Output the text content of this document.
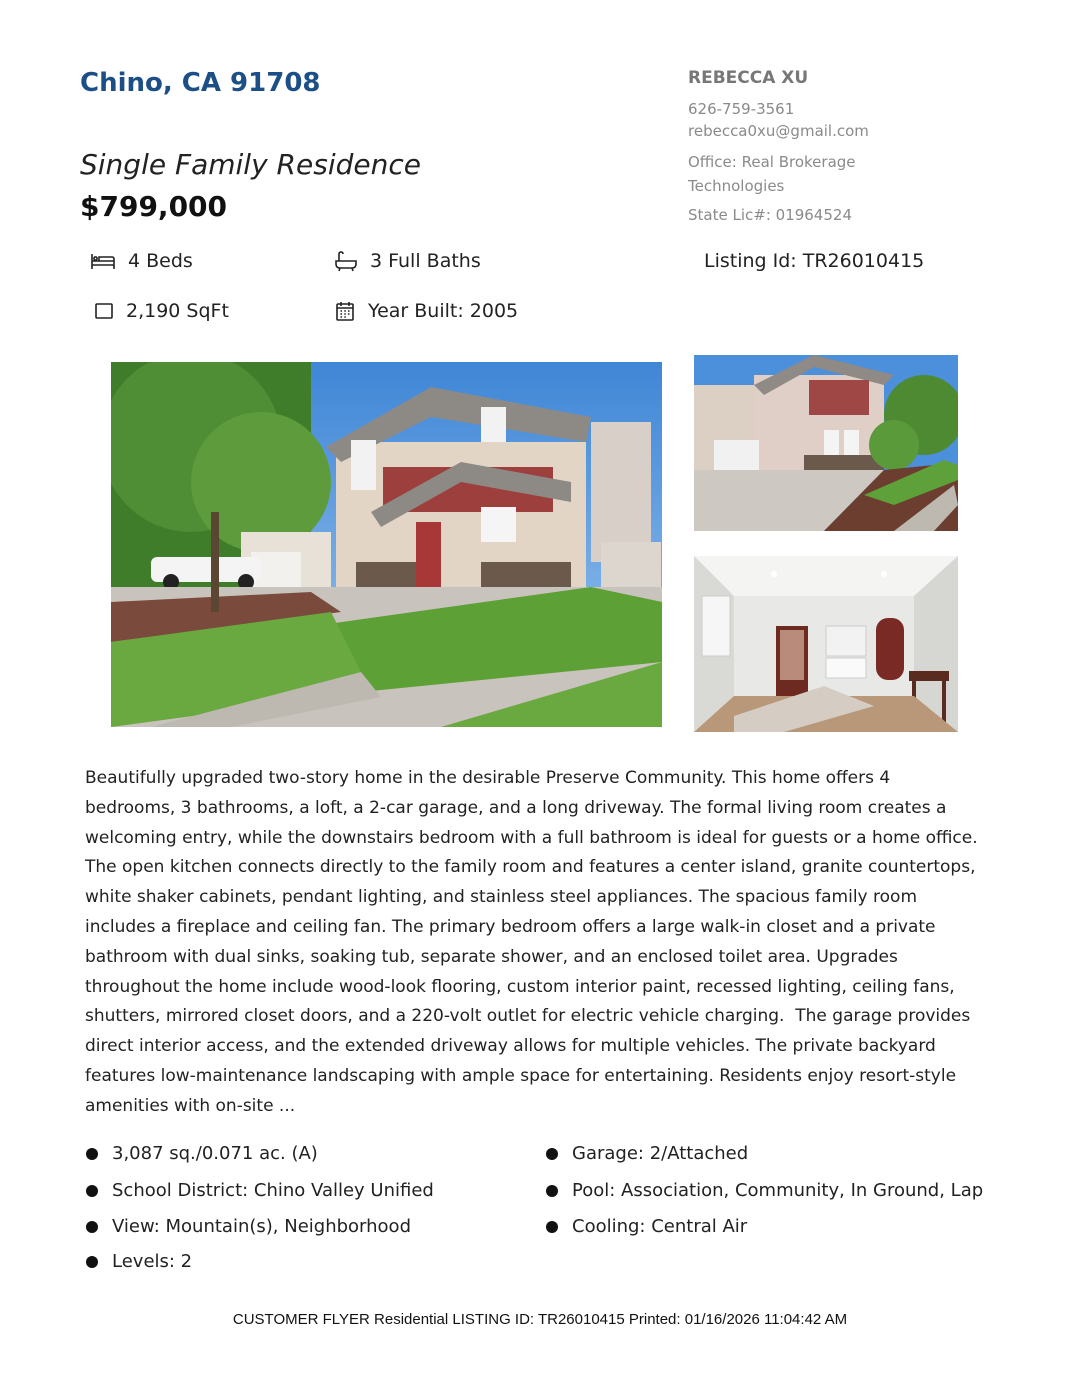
Chino, CA 91708
Single Family Residence
$799,000
REBECCA XU
626-759-3561
rebecca0xu@gmail.com
Office: Real Brokerage Technologies
State Lic#: 01964524
4 Beds	3 Full Baths	Listing Id: TR26010415
2,190 SqFt	Year Built: 2005
Beautifully upgraded two-story home in the desirable Preserve Community. This home offers 4 bedrooms, 3 bathrooms, a loft, a 2-car garage, and a long driveway. The formal living room creates a welcoming entry, while the downstairs bedroom with a full bathroom is ideal for guests or a home office.  The open kitchen connects directly to the family room and features a center island, granite countertops, white shaker cabinets, pendant lighting, and stainless steel appliances. The spacious family room includes a fireplace and ceiling fan. The primary bedroom offers a large walk-in closet and a private bathroom with dual sinks, soaking tub, separate shower, and an enclosed toilet area. Upgrades throughout the home include wood-look flooring, custom interior paint, recessed lighting, ceiling fans, shutters, mirrored closet doors, and a 220-volt outlet for electric vehicle charging.  The garage provides direct interior access, and the extended driveway allows for multiple vehicles. The private backyard features low-maintenance landscaping with ample space for entertaining. Residents enjoy resort-style amenities with on-site ...
3,087 sq./0.071 ac. (A)
School District: Chino Valley Unified
View: Mountain(s), Neighborhood
Levels: 2
Garage: 2/Attached
Pool: Association, Community, In Ground, Lap
Cooling: Central Air
CUSTOMER FLYER Residential LISTING ID: TR26010415 Printed: 01/16/2026 11:04:42 AM
